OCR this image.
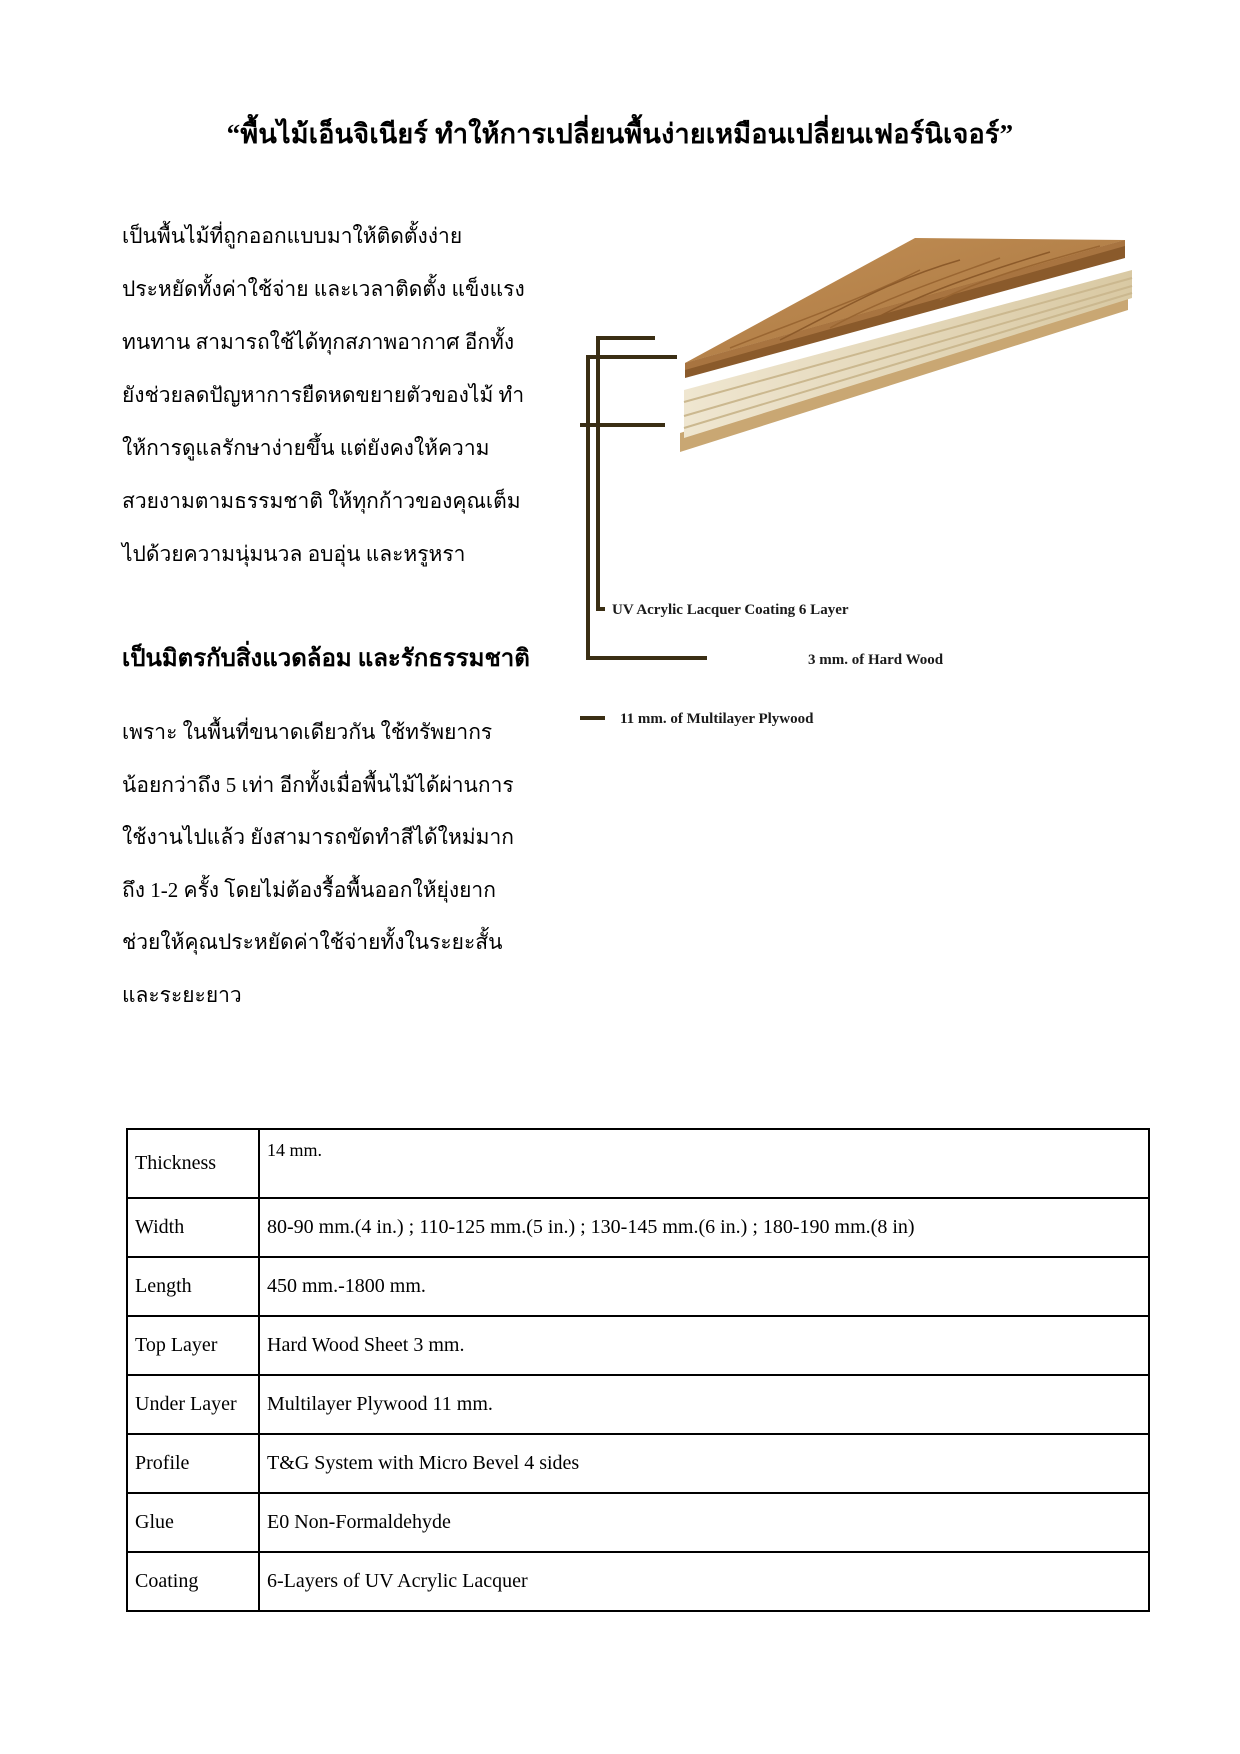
“พื้นไม้เอ็นจิเนียร์ ทำให้การเปลี่ยนพื้นง่ายเหมือนเปลี่ยนเฟอร์นิเจอร์”
เป็นพื้นไม้ที่ถูกออกแบบมาให้ติดตั้งง่าย
ประหยัดทั้งค่าใช้จ่าย และเวลาติดตั้ง แข็งแรง
ทนทาน สามารถใช้ได้ทุกสภาพอากาศ อีกทั้ง
ยังช่วยลดปัญหาการยืดหดขยายตัวของไม้ ทำ
ให้การดูแลรักษาง่ายขึ้น แต่ยังคงให้ความ
สวยงามตามธรรมชาติ ให้ทุกก้าวของคุณเต็ม
ไปด้วยความนุ่มนวล อบอุ่น และหรูหรา
เป็นมิตรกับสิ่งแวดล้อม และรักธรรมชาติ
เพราะ ในพื้นที่ขนาดเดียวกัน ใช้ทรัพยากร
น้อยกว่าถึง 5 เท่า อีกทั้งเมื่อพื้นไม้ได้ผ่านการ
ใช้งานไปแล้ว ยังสามารถขัดทำสีได้ใหม่มาก
ถึง 1-2 ครั้ง โดยไม่ต้องรื้อพื้นออกให้ยุ่งยาก
ช่วยให้คุณประหยัดค่าใช้จ่ายทั้งในระยะสั้น
และระยะยาว
UV Acrylic Lacquer Coating 6 Layer
3 mm. of Hard Wood
11 mm. of Multilayer Plywood
Thickness	14 mm.
Width	80-90 mm.(4 in.) ; 110-125 mm.(5 in.) ; 130-145 mm.(6 in.) ; 180-190 mm.(8 in)
Length	450 mm.-1800 mm.
Top Layer	Hard Wood Sheet 3 mm.
Under Layer	Multilayer Plywood 11 mm.
Profile	T&G System with Micro Bevel 4 sides
Glue	E0 Non-Formaldehyde
Coating	6-Layers of UV Acrylic Lacquer
